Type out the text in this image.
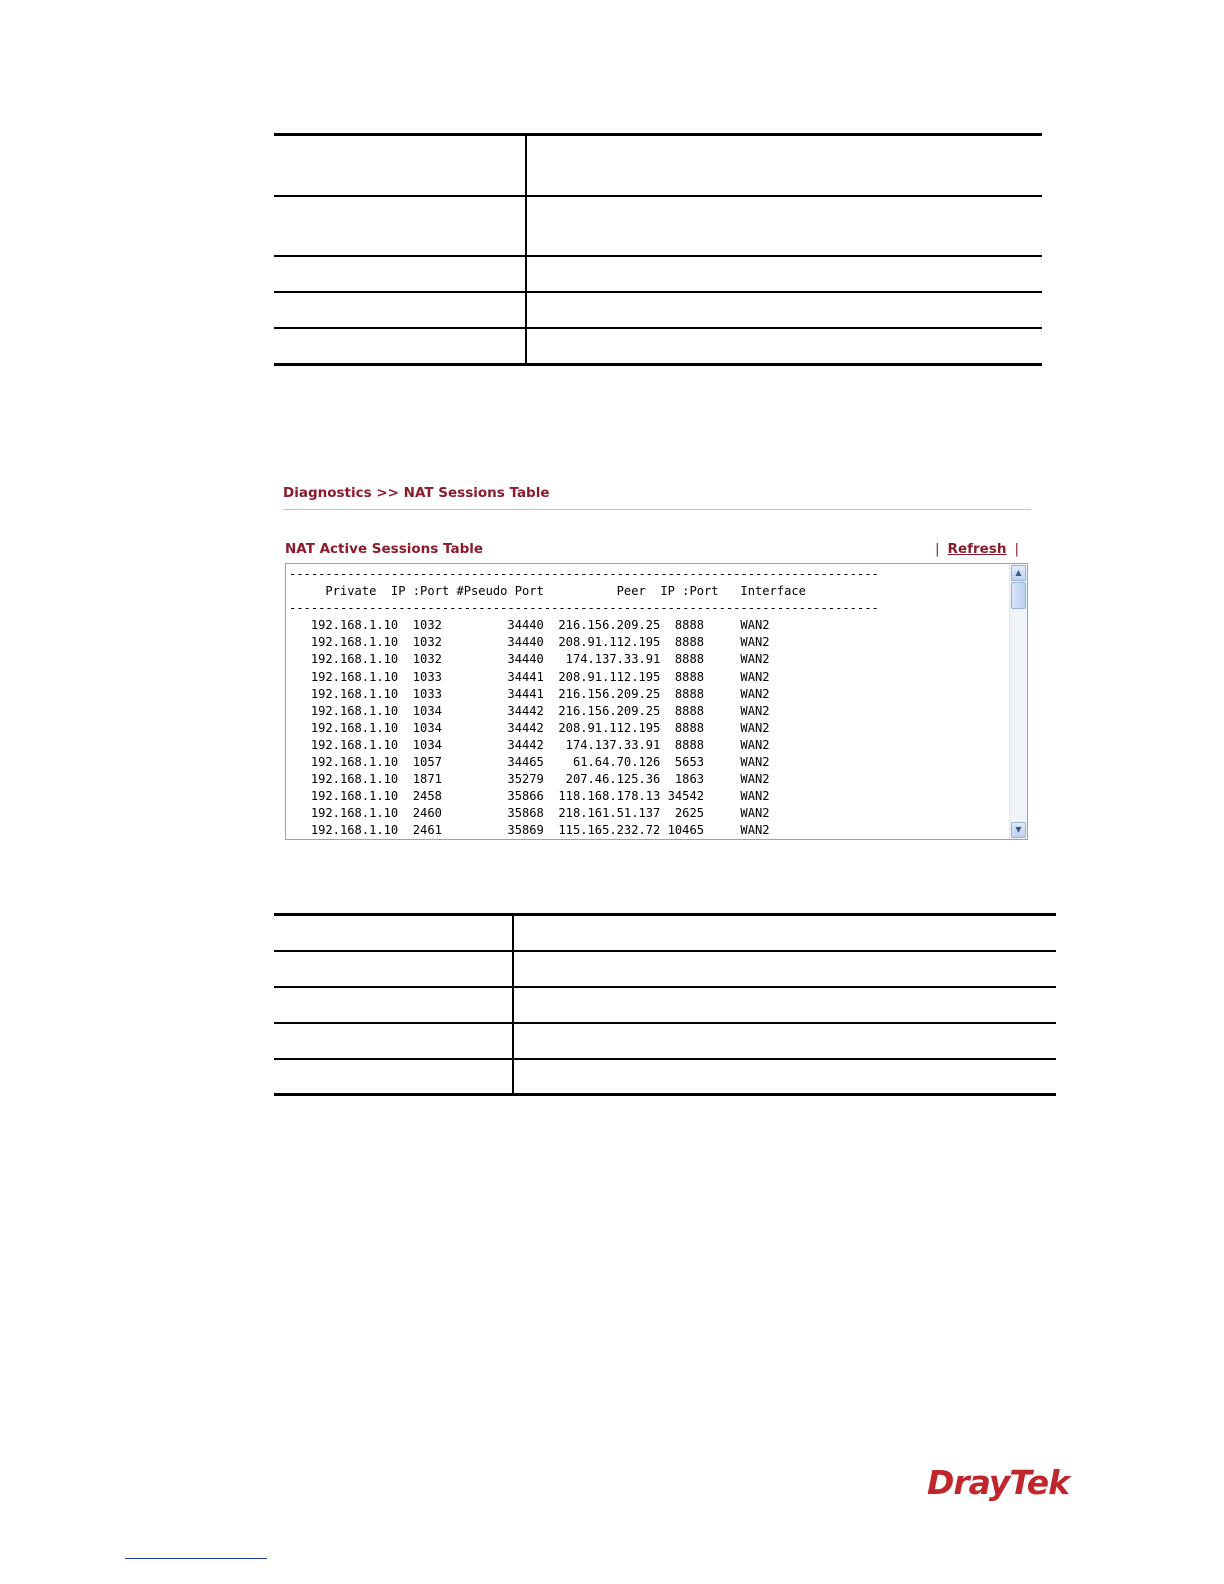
Diagnostics >> NAT Sessions Table
NAT Active Sessions Table	| Refresh |
---------------------------------------------------------------------------------
Private  IP :Port #Pseudo Port          Peer  IP :Port   Interface
---------------------------------------------------------------------------------
192.168.1.10  1032         34440  216.156.209.25  8888     WAN2
192.168.1.10  1032         34440  208.91.112.195  8888     WAN2
192.168.1.10  1032         34440   174.137.33.91  8888     WAN2
192.168.1.10  1033         34441  208.91.112.195  8888     WAN2
192.168.1.10  1033         34441  216.156.209.25  8888     WAN2
192.168.1.10  1034         34442  216.156.209.25  8888     WAN2
192.168.1.10  1034         34442  208.91.112.195  8888     WAN2
192.168.1.10  1034         34442   174.137.33.91  8888     WAN2
192.168.1.10  1057         34465    61.64.70.126  5653     WAN2
192.168.1.10  1871         35279   207.46.125.36  1863     WAN2
192.168.1.10  2458         35866  118.168.178.13 34542     WAN2
192.168.1.10  2460         35868  218.161.51.137  2625     WAN2
192.168.1.10  2461         35869  115.165.232.72 10465     WAN2
▲
▼

DrayTek
